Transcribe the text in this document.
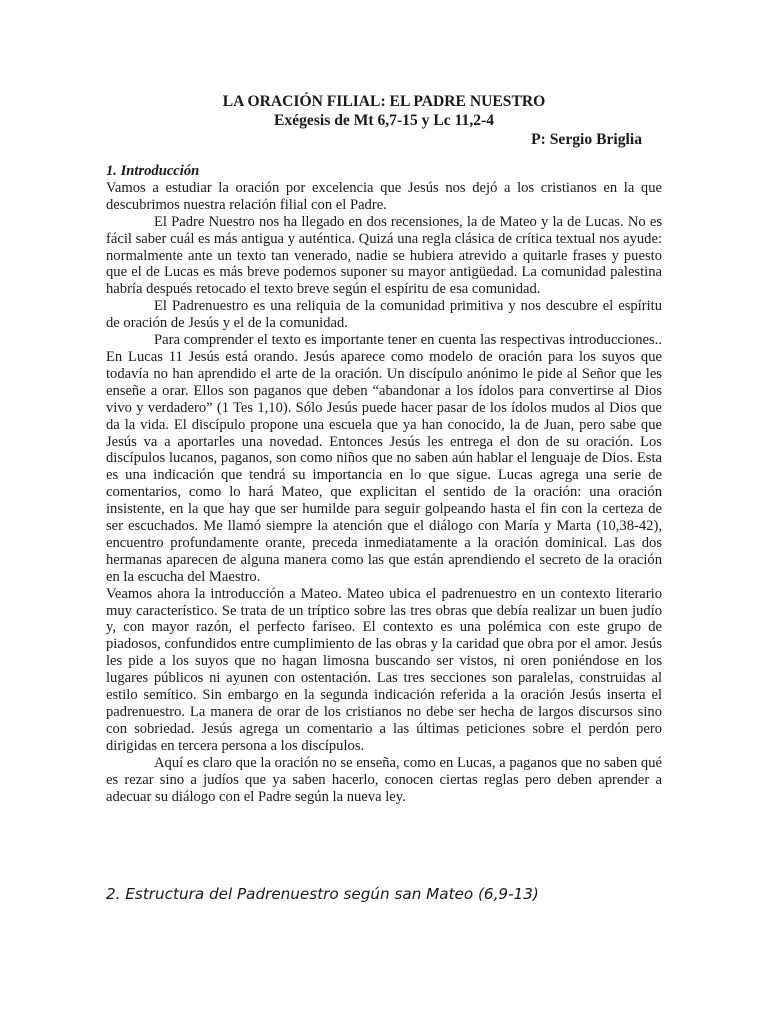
LA ORACIÓN FILIAL: EL PADRE NUESTRO
Exégesis de Mt 6,7-15 y Lc 11,2-4
P: Sergio Briglia
1. Introducción

Vamos a estudiar la oración por excelencia que Jesús nos dejó a los cristianos en la que descubrimos nuestra relación filial con el Padre.

El Padre Nuestro nos ha llegado en dos recensiones, la de Mateo y la de Lucas. No es fácil saber cuál es más antigua y auténtica. Quizá una regla clásica de crítica textual nos ayude: normalmente ante un texto tan venerado, nadie se hubiera atrevido a quitarle frases y puesto que el de Lucas es más breve podemos suponer su mayor antigüedad. La comunidad palestina habría después retocado el texto breve según el espíritu de esa comunidad.

El Padrenuestro es una reliquia de la comunidad primitiva y nos descubre el espíritu de oración de Jesús y el de la comunidad.

Para comprender el texto es importante tener en cuenta las respectivas introducciones.. En Lucas 11 Jesús está orando. Jesús aparece como modelo de oración para los suyos que todavía no han aprendido el arte de la oración. Un discípulo anónimo le pide al Señor que les enseñe a orar. Ellos son paganos que deben “abandonar a los ídolos para convertirse al Dios vivo y verdadero” (1 Tes 1,10). Sólo Jesús puede hacer pasar de los ídolos mudos al Dios que da la vida. El discípulo propone una escuela que ya han conocido, la de Juan, pero sabe que Jesús va a aportarles una novedad. Entonces Jesús les entrega el don de su oración. Los discípulos lucanos, paganos, son como niños que no saben aún hablar el lenguaje de Dios. Esta es una indicación que tendrá su importancia en lo que sigue. Lucas agrega una serie de comentarios, como lo hará Mateo, que explicitan el sentido de la oración: una oración insistente, en la que hay que ser humilde para seguir golpeando hasta el fin con la certeza de ser escuchados. Me llamó siempre la atención que el diálogo con María y Marta (10,38-42), encuentro profundamente orante, preceda inmediatamente a la oración dominical. Las dos hermanas aparecen de alguna manera como las que están aprendiendo el secreto de la oración en la escucha del Maestro.

Veamos ahora la introducción a Mateo. Mateo ubica el padrenuestro en un contexto literario muy característico. Se trata de un tríptico sobre las tres obras que debía realizar un buen judío y, con mayor razón, el perfecto fariseo. El contexto es una polémica con este grupo de piadosos, confundidos entre cumplimiento de las obras y la caridad que obra por el amor. Jesús les pide a los suyos que no hagan limosna buscando ser vistos, ni oren poniéndose en los lugares públicos ni ayunen con ostentación. Las tres secciones son paralelas, construidas al estilo semítico. Sin embargo en la segunda indicación referida a la oración Jesús inserta el padrenuestro. La manera de orar de los cristianos no debe ser hecha de largos discursos sino con sobriedad. Jesús agrega un comentario a las últimas peticiones sobre el perdón pero dirigidas en tercera persona a los discípulos.

Aquí es claro que la oración no se enseña, como en Lucas, a paganos que no saben qué es rezar sino a judíos que ya saben hacerlo, conocen ciertas reglas pero deben aprender a adecuar su diálogo con el Padre según la nueva ley.

2. Estructura del Padrenuestro según san Mateo (6,9-13)
